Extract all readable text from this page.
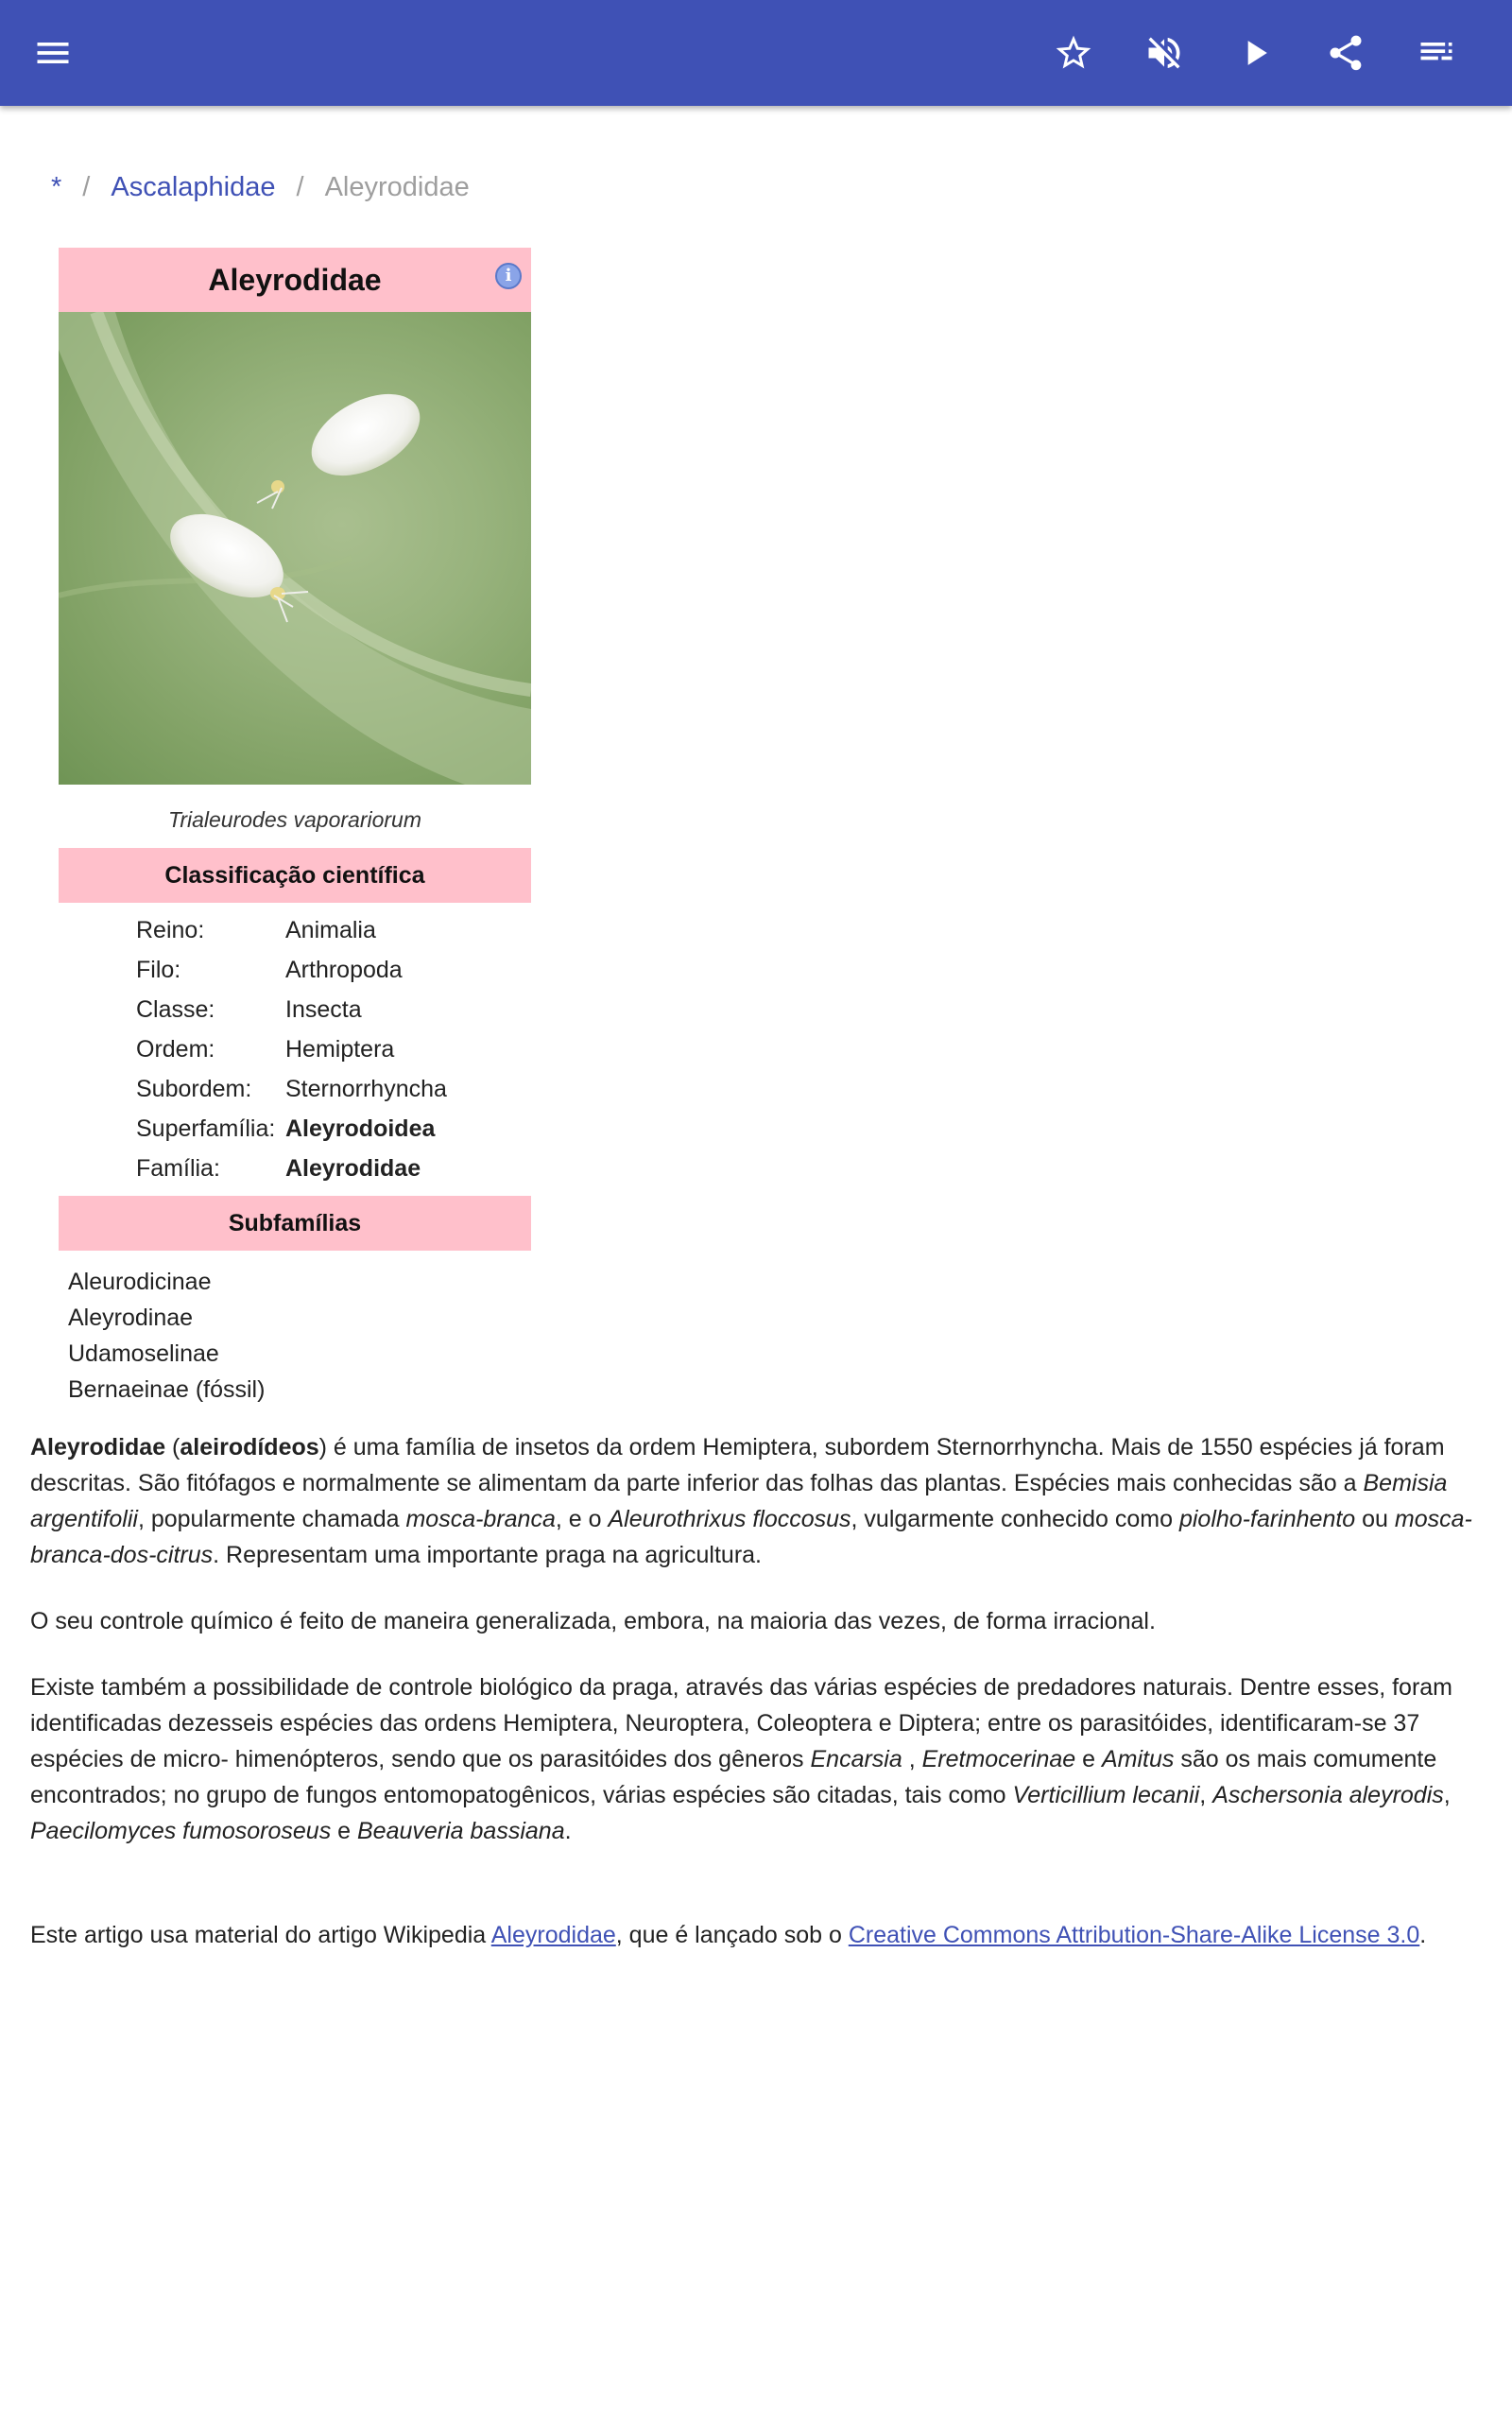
* / Ascalaphidae / Aleyrodidae
Aleyrodidae	i
Trialeurodes vaporariorum
Classificação científica
Reino:	Animalia
Filo:	Arthropoda
Classe:	Insecta
Ordem:	Hemiptera
Subordem:	Sternorrhyncha
Superfamília: Aleyrodoidea
Família:	Aleyrodidae
Subfamílias
Aleurodicinae
Aleyrodinae
Udamoselinae
Bernaeinae (fóssil)

Aleyrodidae (aleirodídeos) é uma família de insetos da ordem Hemiptera, subordem Sternorrhyncha. Mais de 1550 espécies já foram descritas. São fitófagos e normalmente se alimentam da parte inferior das folhas das plantas. Espécies mais conhecidas são a Bemisia argentifolii, popularmente chamada mosca-branca, e o Aleurothrixus floccosus, vulgarmente conhecido como piolho-farinhento ou mosca-branca-dos-citrus. Representam uma importante praga na agricultura.

O seu controle químico é feito de maneira generalizada, embora, na maioria das vezes, de forma irracional.

Existe também a possibilidade de controle biológico da praga, através das várias espécies de predadores naturais. Dentre esses, foram identificadas dezesseis espécies das ordens Hemiptera, Neuroptera, Coleoptera e Diptera; entre os parasitóides, identificaram-se 37 espécies de micro- himenópteros, sendo que os parasitóides dos gêneros Encarsia , Eretmocerinae e Amitus são os mais comumente encontrados; no grupo de fungos entomopatogênicos, várias espécies são citadas, tais como Verticillium lecanii, Aschersonia aleyrodis, Paecilomyces fumosoroseus e Beauveria bassiana.

Este artigo usa material do artigo Wikipedia Aleyrodidae, que é lançado sob o Creative Commons Attribution-Share-Alike License 3.0.
